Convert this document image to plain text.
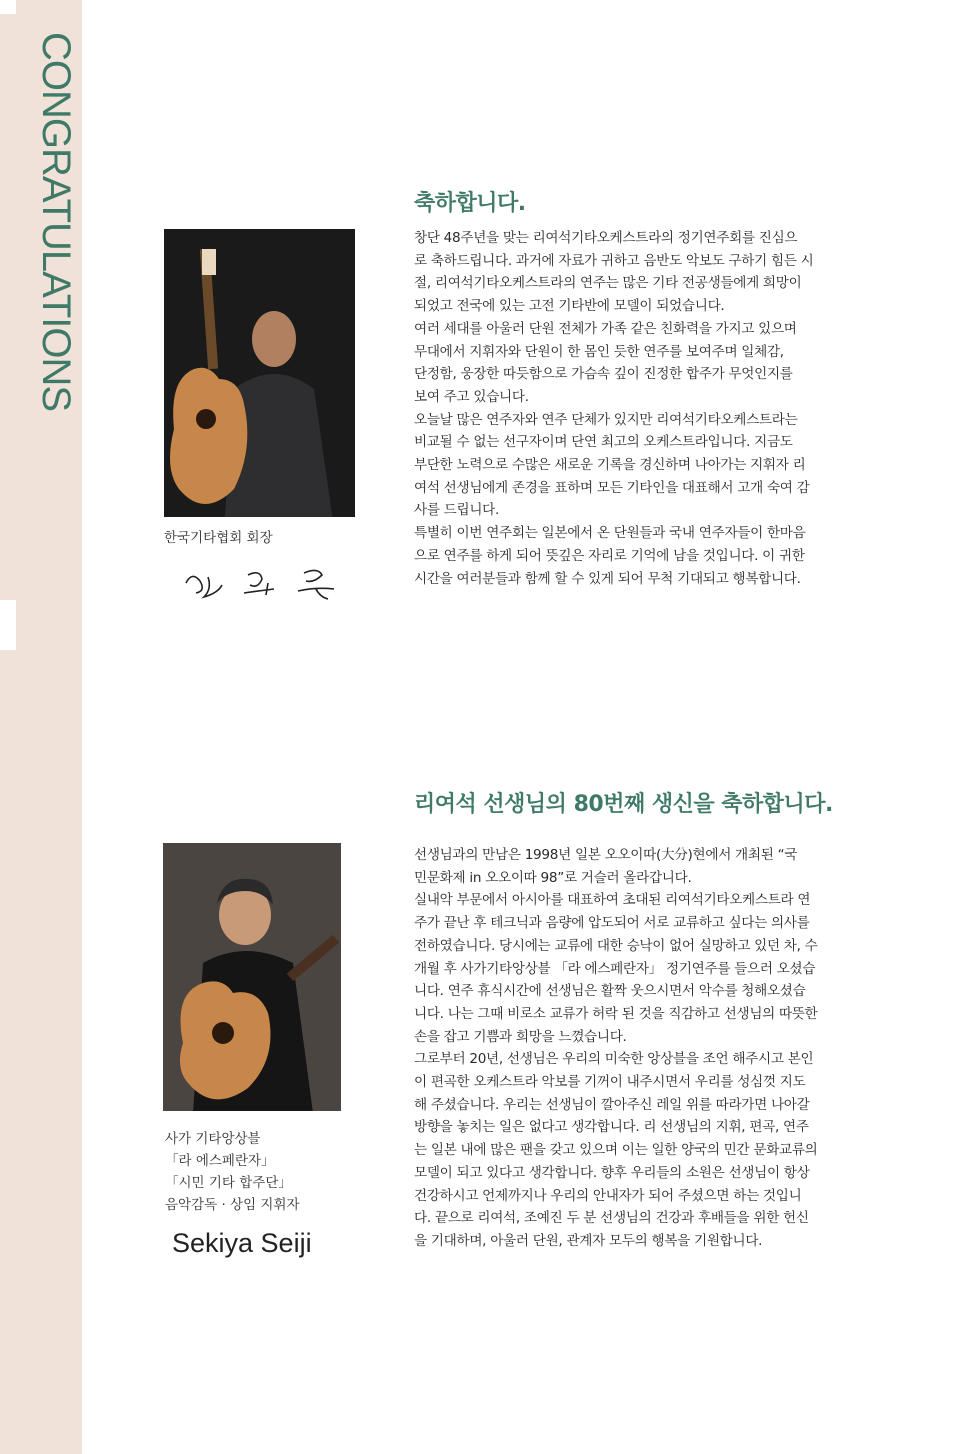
CONGRATULATIONS	축하합니다.
한국기타협회 회장

창단 48주년을 맞는 리여석기타오케스트라의 정기연주회를 진심으

로 축하드립니다. 과거에 자료가 귀하고 음반도 악보도 구하기 힘든 시

절, 리여석기타오케스트라의 연주는 많은 기타 전공생들에게 희망이

되었고 전국에 있는 고전 기타반에 모델이 되었습니다.

여러 세대를 아울러 단원 전체가 가족 같은 친화력을 가지고 있으며

무대에서 지휘자와 단원이 한 몸인 듯한 연주를 보여주며 일체감,

단정함, 웅장한 따듯함으로 가슴속 깊이 진정한 합주가 무엇인지를

보여 주고 있습니다.

오늘날 많은 연주자와 연주 단체가 있지만 리여석기타오케스트라는

비교될 수 없는 선구자이며 단연 최고의 오케스트라입니다. 지금도

부단한 노력으로 수많은 새로운 기록을 경신하며 나아가는 지휘자 리

여석 선생님에게 존경을 표하며 모든 기타인을 대표해서 고개 숙여 감

사를 드립니다.

특별히 이번 연주회는 일본에서 온 단원들과 국내 연주자들이 한마음

으로 연주를 하게 되어 뜻깊은 자리로 기억에 남을 것입니다. 이 귀한

시간을 여러분들과 함께 할 수 있게 되어 무척 기대되고 행복합니다.

리여석 선생님의 80번째 생신을 축하합니다.
사가 기타앙상블
「라 에스페란자」
「시민 기타 합주단」
음악감독 · 상임 지휘자
Sekiya Seiji

선생님과의 만남은 1998년 일본 오오이따(大分)현에서 개최된 “국

민문화제 in 오오이따 98”로 거슬러 올라갑니다.

실내악 부문에서 아시아를 대표하여 초대된 리여석기타오케스트라 연

주가 끝난 후 테크닉과 음량에 압도되어 서로 교류하고 싶다는 의사를

전하였습니다. 당시에는 교류에 대한 승낙이 없어 실망하고 있던 차, 수

개월 후 사가기타앙상블 「라 에스페란자」 정기연주를 들으러 오셨습

니다. 연주 휴식시간에 선생님은 활짝 웃으시면서 악수를 청해오셨습

니다. 나는 그때 비로소 교류가 허락 된 것을 직감하고 선생님의 따뜻한

손을 잡고 기쁨과 희망을 느꼈습니다.

그로부터 20년, 선생님은 우리의 미숙한 앙상블을 조언 해주시고 본인

이 편곡한 오케스트라 악보를 기꺼이 내주시면서 우리를 성심껏 지도

해 주셨습니다. 우리는 선생님이 깔아주신 레일 위를 따라가면 나아갈

방향을 놓치는 일은 없다고 생각합니다. 리 선생님의 지휘, 편곡, 연주

는 일본 내에 많은 팬을 갖고 있으며 이는 일한 양국의 민간 문화교류의

모델이 되고 있다고 생각합니다. 향후 우리들의 소원은 선생님이 항상

건강하시고 언제까지나 우리의 안내자가 되어 주셨으면 하는 것입니

다. 끝으로 리여석, 조예진 두 분 선생님의 건강과 후배들을 위한 헌신

을 기대하며, 아울러 단원, 관계자 모두의 행복을 기원합니다.
